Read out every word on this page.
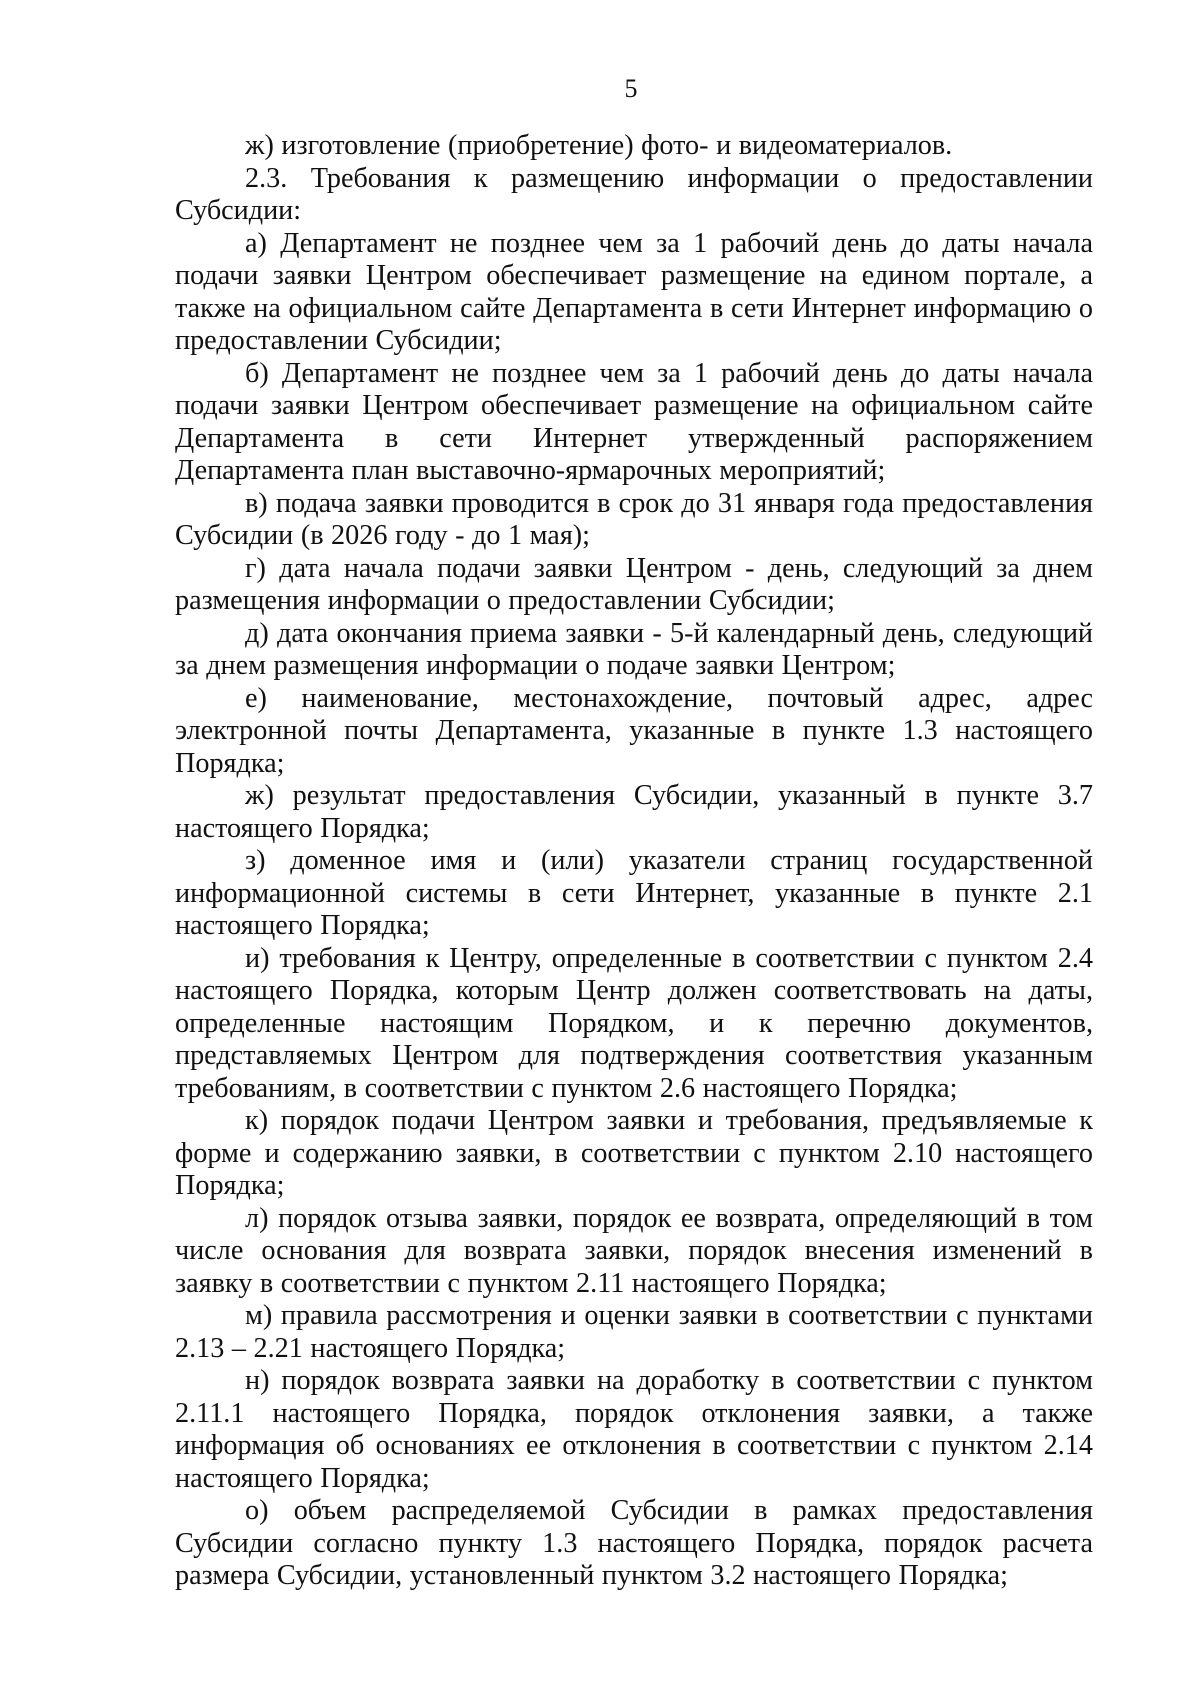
5

ж) изготовление (приобретение) фото- и видеоматериалов.

2.3. Требования к размещению информации о предоставлении Субсидии:

а) Департамент не позднее чем за 1 рабочий день до даты начала подачи заявки Центром обеспечивает размещение на едином портале, а также на официальном сайте Департамента в сети Интернет информацию о предоставлении Субсидии;

б) Департамент не позднее чем за 1 рабочий день до даты начала подачи заявки Центром обеспечивает размещение на официальном сайте Департамента в сети Интернет утвержденный распоряжением Департамента план выставочно-ярмарочных мероприятий;

в) подача заявки проводится в срок до 31 января года предоставления Субсидии (в 2026 году - до 1 мая);

г) дата начала подачи заявки Центром - день, следующий за днем размещения информации о предоставлении Субсидии;

д) дата окончания приема заявки - 5-й календарный день, следующий за днем размещения информации о подаче заявки Центром;

е) наименование, местонахождение, почтовый адрес, адрес электронной почты Департамента, указанные в пункте 1.3 настоящего Порядка;

ж) результат предоставления Субсидии, указанный в пункте 3.7 настоящего Порядка;

з) доменное имя и (или) указатели страниц государственной информационной системы в сети Интернет, указанные в пункте 2.1 настоящего Порядка;

и) требования к Центру, определенные в соответствии с пунктом 2.4 настоящего Порядка, которым Центр должен соответствовать на даты, определенные настоящим Порядком, и к перечню документов, представляемых Центром для подтверждения соответствия указанным требованиям, в соответствии с пунктом 2.6 настоящего Порядка;

к) порядок подачи Центром заявки и требования, предъявляемые к форме и содержанию заявки, в соответствии с пунктом 2.10 настоящего Порядка;

л) порядок отзыва заявки, порядок ее возврата, определяющий в том числе основания для возврата заявки, порядок внесения изменений в заявку в соответствии с пунктом 2.11 настоящего Порядка;

м) правила рассмотрения и оценки заявки в соответствии с пунктами 2.13 – 2.21 настоящего Порядка;

н) порядок возврата заявки на доработку в соответствии с пунктом 2.11.1 настоящего Порядка, порядок отклонения заявки, а также информация об основаниях ее отклонения в соответствии с пунктом 2.14 настоящего Порядка;

о) объем распределяемой Субсидии в рамках предоставления Субсидии согласно пункту 1.3 настоящего Порядка, порядок расчета размера Субсидии, установленный пунктом 3.2 настоящего Порядка;
